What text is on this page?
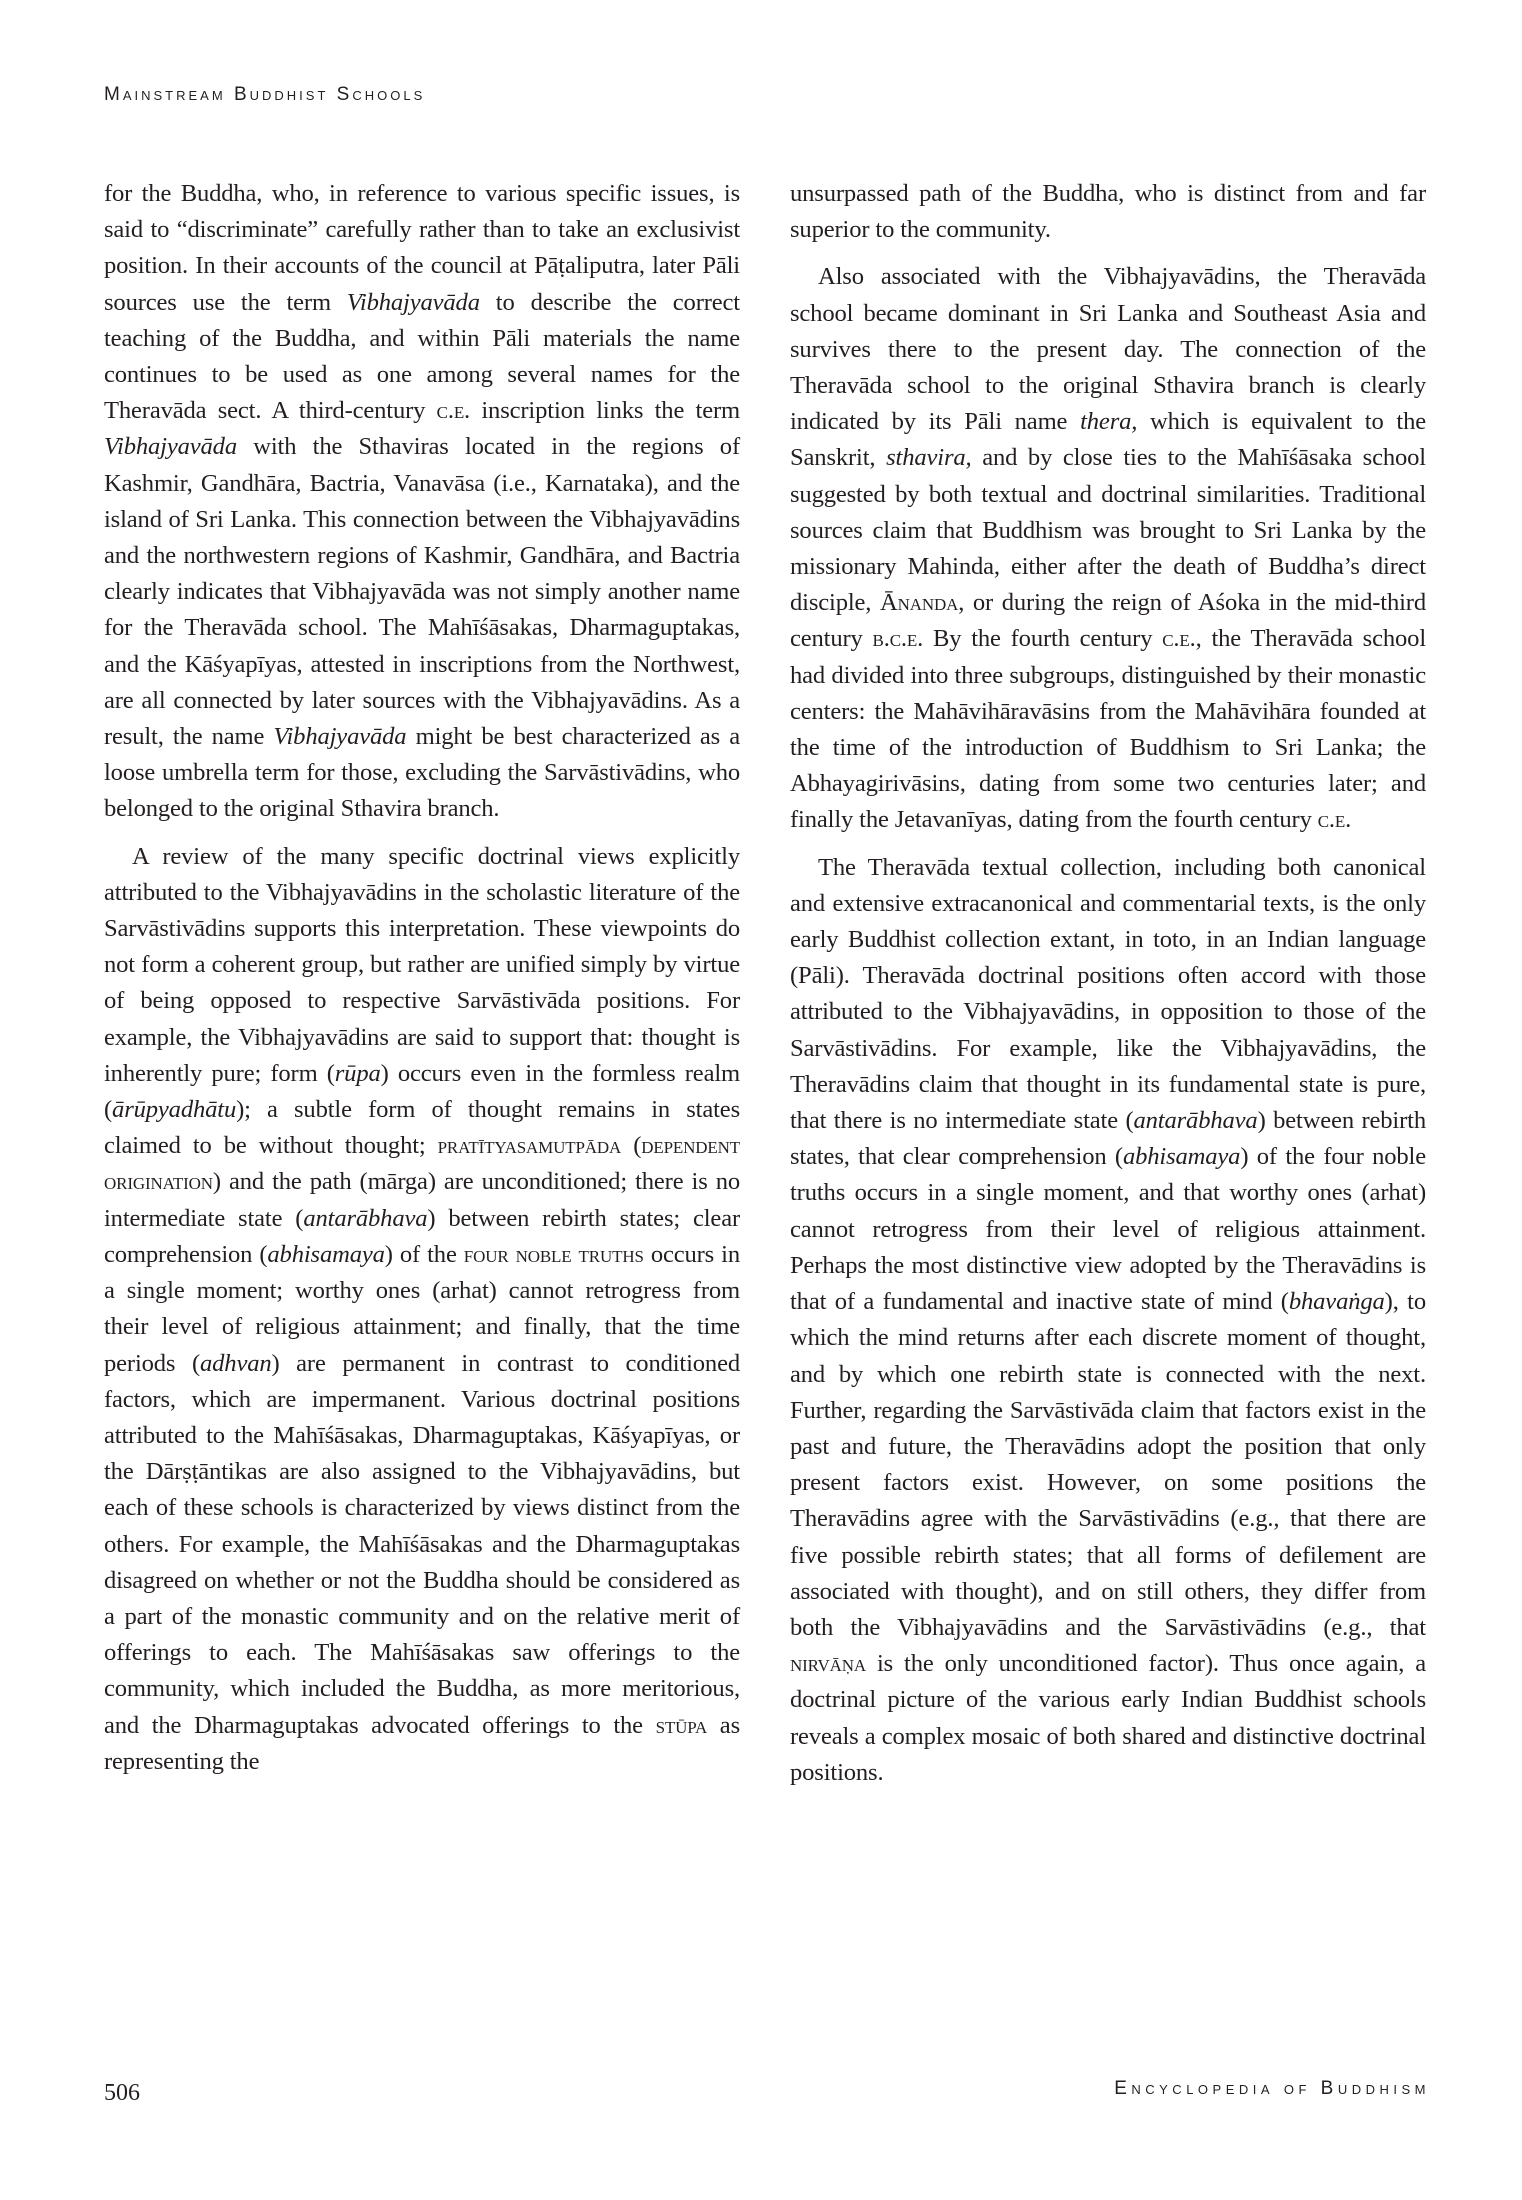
Mainstream Buddhist Schools

for the Buddha, who, in reference to various specific issues, is said to “discriminate” carefully rather than to take an exclusivist position. In their accounts of the council at Pāṭaliputra, later Pāli sources use the term Vibhajyavāda to describe the correct teaching of the Buddha, and within Pāli materials the name continues to be used as one among several names for the Theravāda sect. A third-century c.e. inscription links the term Vibhajyavāda with the Sthaviras located in the regions of Kashmir, Gandhāra, Bactria, Vanavāsa (i.e., Karnataka), and the island of Sri Lanka. This connection between the Vibhajyavādins and the northwestern regions of Kashmir, Gandhāra, and Bactria clearly indicates that Vibhajyavāda was not simply another name for the Theravāda school. The Mahīśāsakas, Dharmaguptakas, and the Kāśyapīyas, attested in inscriptions from the Northwest, are all connected by later sources with the Vibhajyavādins. As a result, the name Vibhajyavāda might be best characterized as a loose umbrella term for those, excluding the Sarvāstivādins, who belonged to the original Sthavira branch.

A review of the many specific doctrinal views explicitly attributed to the Vibhajyavādins in the scholastic literature of the Sarvāstivādins supports this interpretation. These viewpoints do not form a coherent group, but rather are unified simply by virtue of being opposed to respective Sarvāstivāda positions. For example, the Vibhajyavādins are said to support that: thought is inherently pure; form (rūpa) occurs even in the formless realm (ārūpyadhātu); a subtle form of thought remains in states claimed to be without thought; pratītyasamutpāda (dependent origination) and the path (mārga) are unconditioned; there is no intermediate state (antarābhava) between rebirth states; clear comprehension (abhisamaya) of the four noble truths occurs in a single moment; worthy ones (arhat) cannot retrogress from their level of religious attainment; and finally, that the time periods (adhvan) are permanent in contrast to conditioned factors, which are impermanent. Various doctrinal positions attributed to the Mahīśāsakas, Dharmaguptakas, Kāśyapīyas, or the Dārṣṭāntikas are also assigned to the Vibhajyavādins, but each of these schools is characterized by views distinct from the others. For example, the Mahīśāsakas and the Dharmaguptakas disagreed on whether or not the Buddha should be considered as a part of the monastic community and on the relative merit of offerings to each. The Mahīśāsakas saw offerings to the community, which included the Buddha, as more meritorious, and the Dharmaguptakas advocated offerings to the stūpa as representing the

unsurpassed path of the Buddha, who is distinct from and far superior to the community.

Also associated with the Vibhajyavādins, the Theravāda school became dominant in Sri Lanka and Southeast Asia and survives there to the present day. The connection of the Theravāda school to the original Sthavira branch is clearly indicated by its Pāli name thera, which is equivalent to the Sanskrit, sthavira, and by close ties to the Mahīśāsaka school suggested by both textual and doctrinal similarities. Traditional sources claim that Buddhism was brought to Sri Lanka by the missionary Mahinda, either after the death of Buddha’s direct disciple, Ānanda, or during the reign of Aśoka in the mid-third century b.c.e. By the fourth century c.e., the Theravāda school had divided into three subgroups, distinguished by their monastic centers: the Mahāvihāravāsins from the Mahāvihāra founded at the time of the introduction of Buddhism to Sri Lanka; the Abhayagirivāsins, dating from some two centuries later; and finally the Jetavanīyas, dating from the fourth century c.e.

The Theravāda textual collection, including both canonical and extensive extracanonical and commentarial texts, is the only early Buddhist collection extant, in toto, in an Indian language (Pāli). Theravāda doctrinal positions often accord with those attributed to the Vibhajyavādins, in opposition to those of the Sarvāstivādins. For example, like the Vibhajyavādins, the Theravādins claim that thought in its fundamental state is pure, that there is no intermediate state (antarābhava) between rebirth states, that clear comprehension (abhisamaya) of the four noble truths occurs in a single moment, and that worthy ones (arhat) cannot retrogress from their level of religious attainment. Perhaps the most distinctive view adopted by the Theravādins is that of a fundamental and inactive state of mind (bhavaṅga), to which the mind returns after each discrete moment of thought, and by which one rebirth state is connected with the next. Further, regarding the Sarvāstivāda claim that factors exist in the past and future, the Theravādins adopt the position that only present factors exist. However, on some positions the Theravādins agree with the Sarvāstivādins (e.g., that there are five possible rebirth states; that all forms of defilement are associated with thought), and on still others, they differ from both the Vibhajyavādins and the Sarvāstivādins (e.g., that nirvāṇa is the only unconditioned factor). Thus once again, a doctrinal picture of the various early Indian Buddhist schools reveals a complex mosaic of both shared and distinctive doctrinal positions.

506	Encyclopedia of Buddhism
